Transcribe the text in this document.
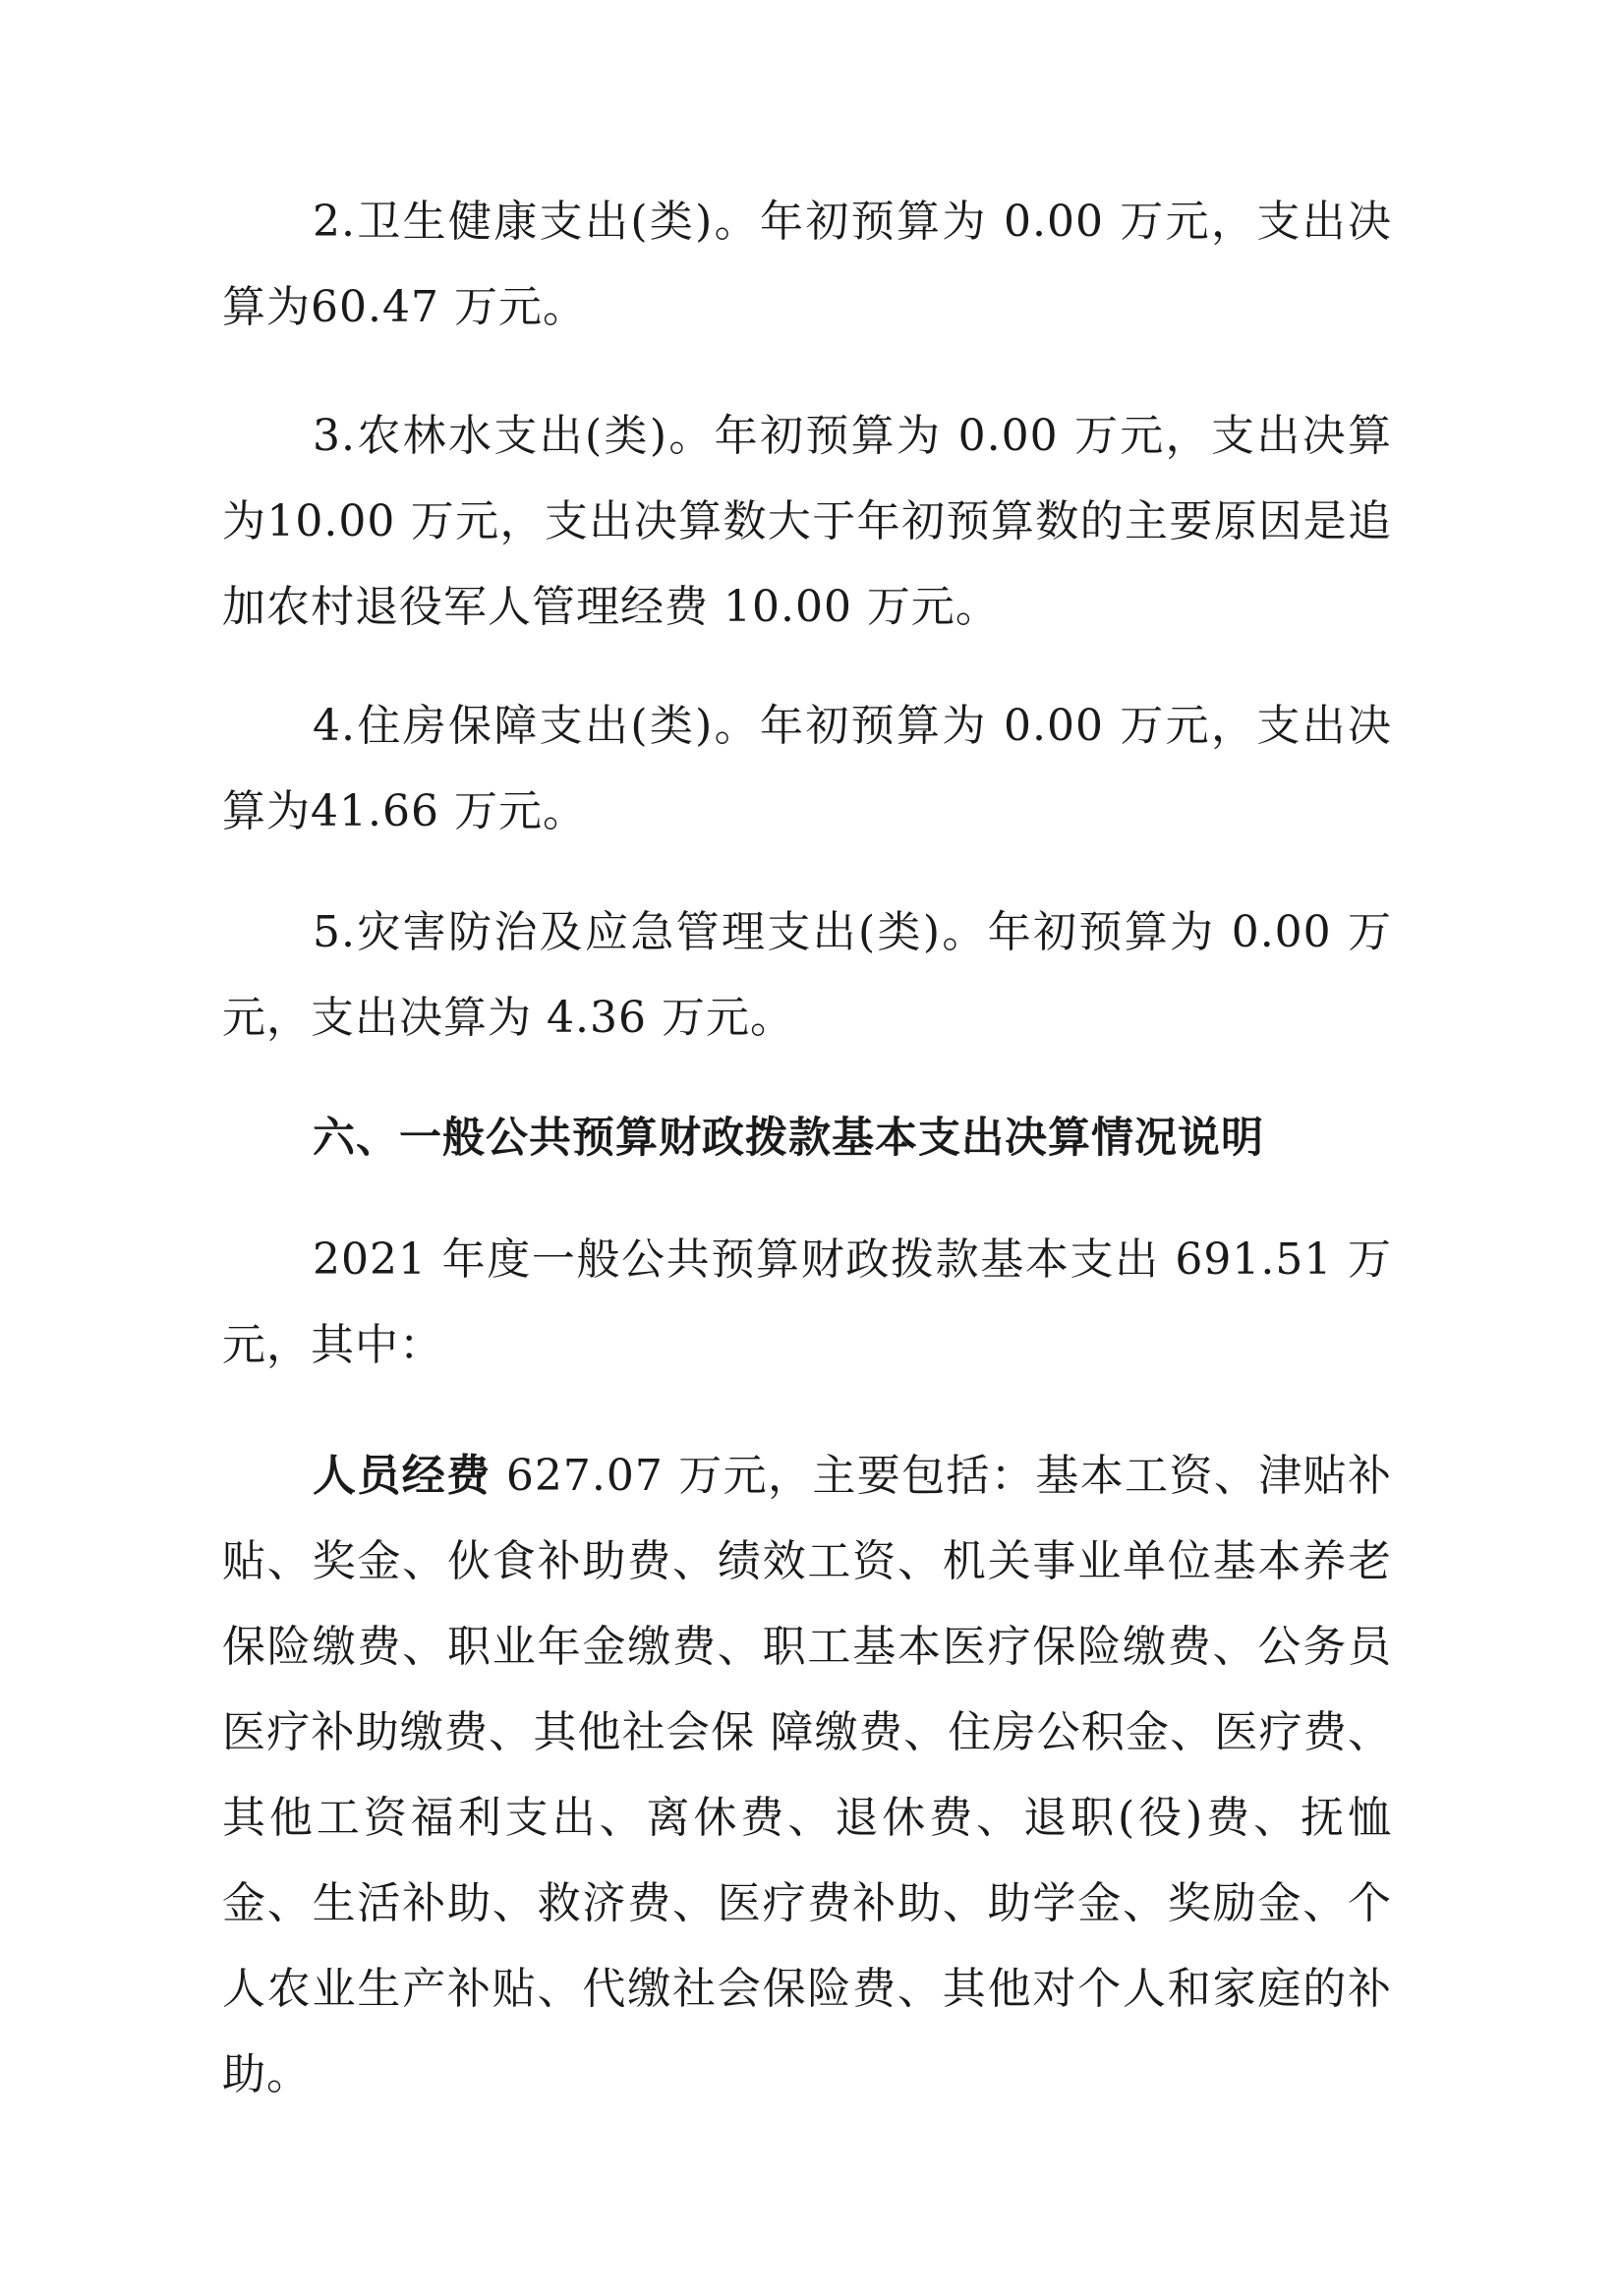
2.卫生健康支出(类)。年初预算为 0.00 万元，支出决算为60.47 万元。

3.农林水支出(类)。年初预算为 0.00 万元，支出决算为10.00 万元，支出决算数大于年初预算数的主要原因是追加农村退役军人管理经费 10.00 万元。

4.住房保障支出(类)。年初预算为 0.00 万元，支出决算为41.66 万元。

5.灾害防治及应急管理支出(类)。年初预算为 0.00 万元，支出决算为 4.36 万元。

六、一般公共预算财政拨款基本支出决算情况说明

2021 年度一般公共预算财政拨款基本支出 691.51 万元，其中：

人员经费 627.07 万元，主要包括：基本工资、津贴补贴、奖金、伙食补助费、绩效工资、机关事业单位基本养老保险缴费、职业年金缴费、职工基本医疗保险缴费、公务员医疗补助缴费、其他社会保 障缴费、住房公积金、医疗费、其他工资福利支出、离休费、退休费、退职(役)费、抚恤金、生活补助、救济费、医疗费补助、助学金、奖励金、个人农业生产补贴、代缴社会保险费、其他对个人和家庭的补助。
